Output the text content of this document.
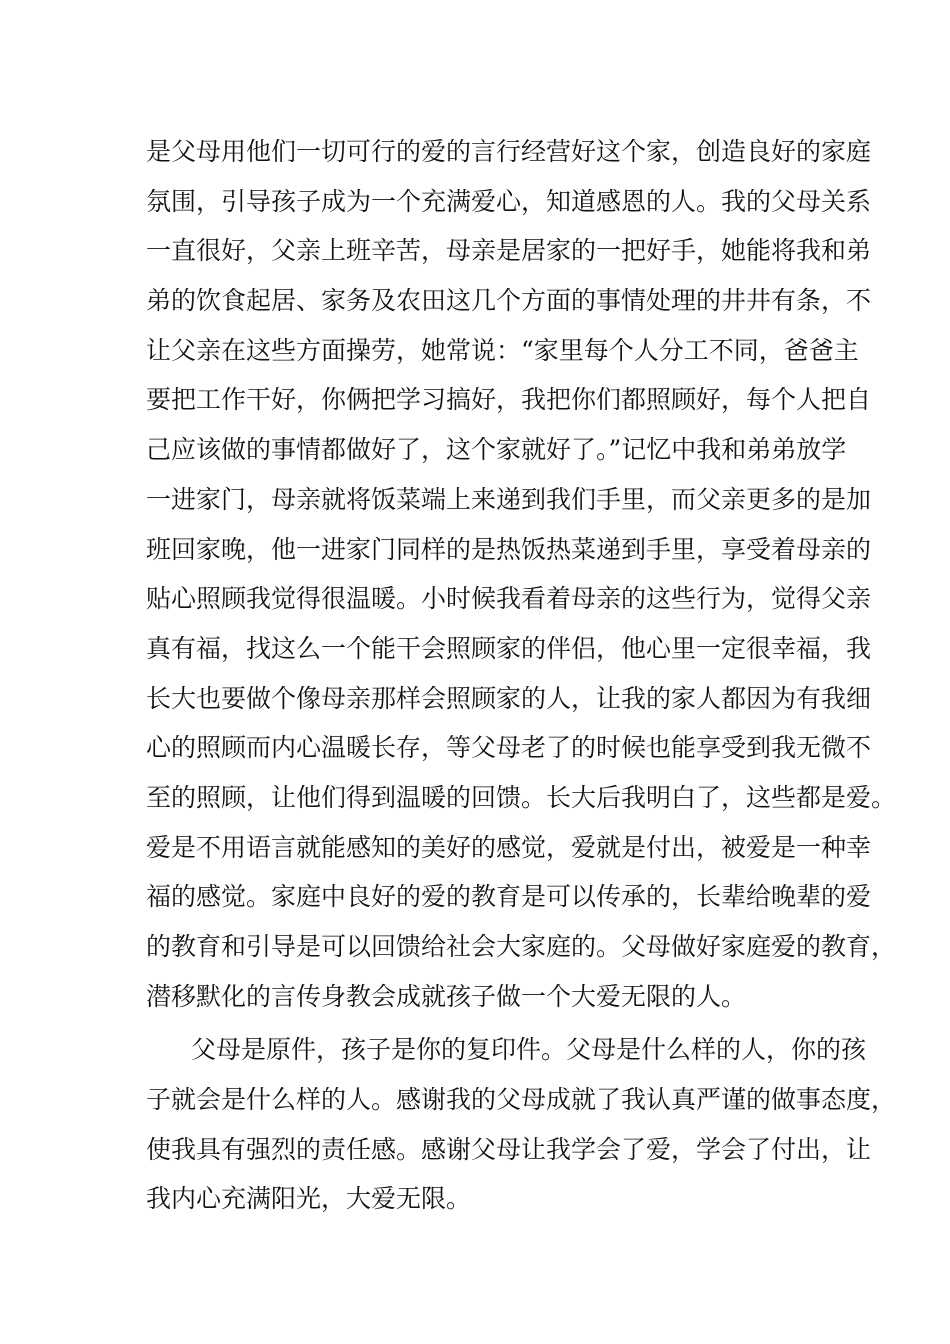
是父母用他们一切可行的爱的言行经营好这个家，创造良好的家庭
氛围，引导孩子成为一个充满爱心，知道感恩的人。我的父母关系
一直很好，父亲上班辛苦，母亲是居家的一把好手，她能将我和弟
弟的饮食起居、家务及农田这几个方面的事情处理的井井有条，不
让父亲在这些方面操劳，她常说：“家里每个人分工不同，爸爸主
要把工作干好，你俩把学习搞好，我把你们都照顾好，每个人把自
己应该做的事情都做好了，这个家就好了。”记忆中我和弟弟放学
一进家门，母亲就将饭菜端上来递到我们手里，而父亲更多的是加
班回家晚，他一进家门同样的是热饭热菜递到手里，享受着母亲的
贴心照顾我觉得很温暖。小时候我看着母亲的这些行为，觉得父亲
真有福，找这么一个能干会照顾家的伴侣，他心里一定很幸福，我
长大也要做个像母亲那样会照顾家的人，让我的家人都因为有我细
心的照顾而内心温暖长存，等父母老了的时候也能享受到我无微不
至的照顾，让他们得到温暖的回馈。长大后我明白了，这些都是爱。
爱是不用语言就能感知的美好的感觉，爱就是付出，被爱是一种幸
福的感觉。家庭中良好的爱的教育是可以传承的，长辈给晚辈的爱
的教育和引导是可以回馈给社会大家庭的。父母做好家庭爱的教育，
潜移默化的言传身教会成就孩子做一个大爱无限的人。
父母是原件，孩子是你的复印件。父母是什么样的人，你的孩
子就会是什么样的人。感谢我的父母成就了我认真严谨的做事态度，
使我具有强烈的责任感。感谢父母让我学会了爱，学会了付出，让
我内心充满阳光，大爱无限。
